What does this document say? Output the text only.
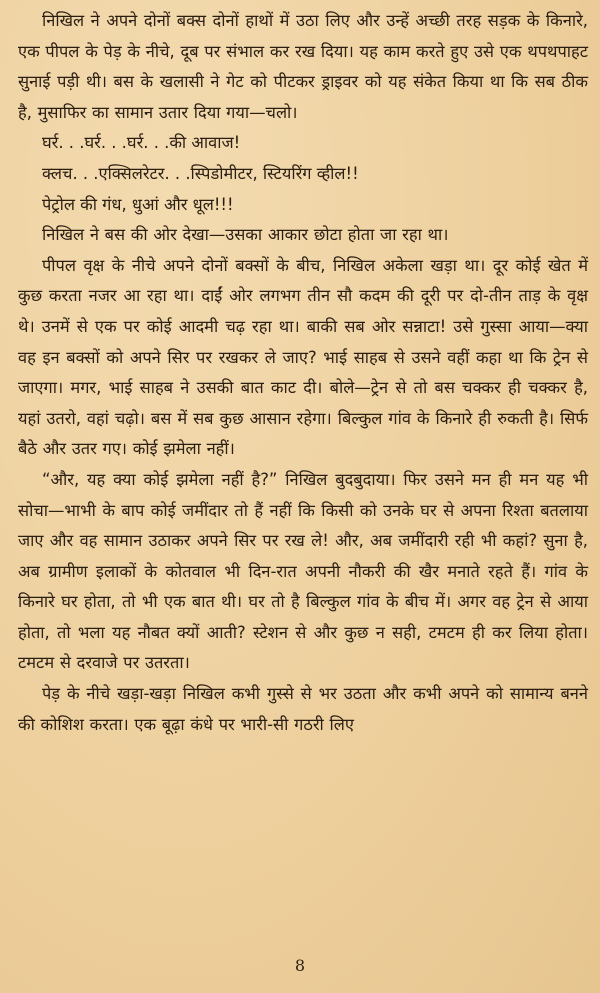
निखिल ने अपने दोनों बक्स दोनों हाथों में उठा लिए और उन्हें अच्छी तरह सड़क के किनारे, एक पीपल के पेड़ के नीचे, दूब पर संभाल कर रख दिया। यह काम करते हुए उसे एक थपथपाहट सुनाई पड़ी थी। बस के खलासी ने गेट को पीटकर ड्राइवर को यह संकेत किया था कि सब ठीक है, मुसाफिर का सामान उतार दिया गया—चलो।

घर्र. . .घर्र. . .घर्र. . .की आवाज!

क्लच. . .एक्सिलरेटर. . .स्पिडोमीटर, स्टियरिंग व्हील!!

पेट्रोल की गंध, धुआं और धूल!!!

निखिल ने बस की ओर देखा—उसका आकार छोटा होता जा रहा था।

पीपल वृक्ष के नीचे अपने दोनों बक्सों के बीच, निखिल अकेला खड़ा था। दूर कोई खेत में कुछ करता नजर आ रहा था। दाईं ओर लगभग तीन सौ कदम की दूरी पर दो-तीन ताड़ के वृक्ष थे। उनमें से एक पर कोई आदमी चढ़ रहा था। बाकी सब ओर सन्नाटा! उसे गुस्सा आया—क्या वह इन बक्सों को अपने सिर पर रखकर ले जाए? भाई साहब से उसने वहीं कहा था कि ट्रेन से जाएगा। मगर, भाई साहब ने उसकी बात काट दी। बोले—ट्रेन से तो बस चक्कर ही चक्कर है, यहां उतरो, वहां चढ़ो। बस में सब कुछ आसान रहेगा। बिल्कुल गांव के किनारे ही रुकती है। सिर्फ बैठे और उतर गए। कोई झमेला नहीं।

“और, यह क्या कोई झमेला नहीं है?” निखिल बुदबुदाया। फिर उसने मन ही मन यह भी सोचा—भाभी के बाप कोई जमींदार तो हैं नहीं कि किसी को उनके घर से अपना रिश्ता बतलाया जाए और वह सामान उठाकर अपने सिर पर रख ले! और, अब जमींदारी रही भी कहां? सुना है, अब ग्रामीण इलाकों के कोतवाल भी दिन-रात अपनी नौकरी की खैर मनाते रहते हैं। गांव के किनारे घर होता, तो भी एक बात थी। घर तो है बिल्कुल गांव के बीच में। अगर वह ट्रेन से आया होता, तो भला यह नौबत क्यों आती? स्टेशन से और कुछ न सही, टमटम ही कर लिया होता। टमटम से दरवाजे पर उतरता।

पेड़ के नीचे खड़ा-खड़ा निखिल कभी गुस्से से भर उठता और कभी अपने को सामान्य बनने की कोशिश करता। एक बूढ़ा कंधे पर भारी-सी गठरी लिए

8
